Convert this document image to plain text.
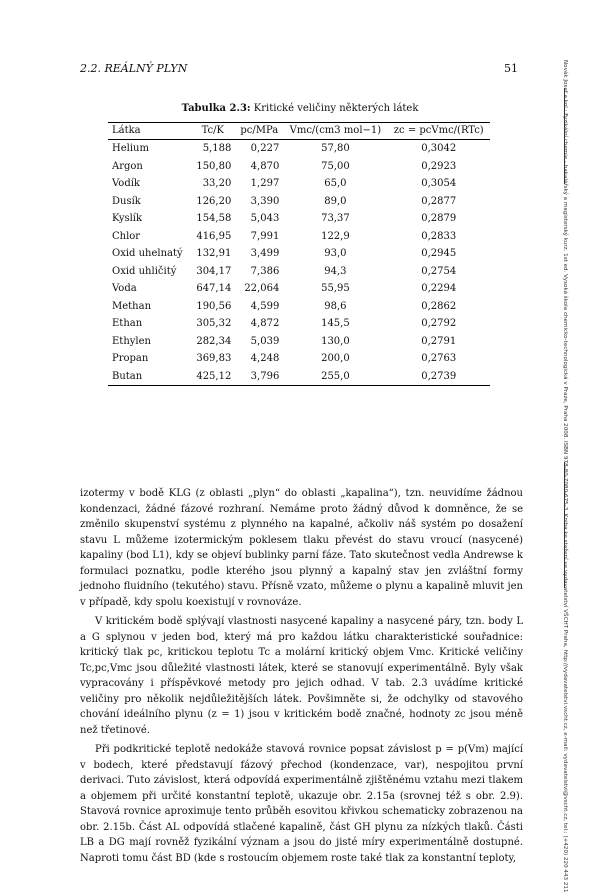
2.2. REÁLNÝ PLYN	51	Novák Josef a kol.: Fyzikální chemie - bakalářský a magisterský kurz. 1st ed. Vysoká škola chemicko-technologická v Praze, Praha 2008. ISBN 978-80-7080-675-3. Kniha ke stažení ve vydavatelství VŠCHT Praha, http://vydavatelstvi.vscht.cz, e-mail: vydavatelstvi@vscht.cz, tel.: (+420) 220 443 211
Tabulka 2.3: Kritické veličiny některých látek
Látka	Tc/K	pc/MPa	Vmc/(cm3 mol−1)	zc = pcVmc/(RTc)
Helium	5,188	0,227	57,80	0,3042
Argon	150,80	4,870	75,00	0,2923
Vodík	33,20	1,297	65,0	0,3054
Dusík	126,20	3,390	89,0	0,2877
Kyslík	154,58	5,043	73,37	0,2879
Chlor	416,95	7,991	122,9	0,2833
Oxid uhelnatý	132,91	3,499	93,0	0,2945
Oxid uhličitý	304,17	7,386	94,3	0,2754
Voda	647,14	22,064	55,95	0,2294
Methan	190,56	4,599	98,6	0,2862
Ethan	305,32	4,872	145,5	0,2792
Ethylen	282,34	5,039	130,0	0,2791
Propan	369,83	4,248	200,0	0,2763
Butan	425,12	3,796	255,0	0,2739

izotermy v bodě KLG (z oblasti „plyn“ do oblasti „kapalina“), tzn. neuvidíme žádnou kondenzaci, žádné fázové rozhraní. Nemáme proto žádný důvod k domněnce, že se změnilo skupenství systému z plynného na kapalné, ačkoliv náš systém po dosažení stavu L můžeme izotermickým poklesem tlaku převést do stavu vroucí (nasycené) kapaliny (bod L1), kdy se objeví bublinky parní fáze. Tato skutečnost vedla Andrewse k formulaci poznatku, podle kterého jsou plynný a kapalný stav jen zvláštní formy jednoho fluidního (tekutého) stavu. Přísně vzato, můžeme o plynu a kapalině mluvit jen v případě, kdy spolu koexistují v rovnováze.

V kritickém bodě splývají vlastnosti nasycené kapaliny a nasycené páry, tzn. body L a G splynou v jeden bod, který má pro každou látku charakteristické souřadnice: kritický tlak pc, kritickou teplotu Tc a molární kritický objem Vmc. Kritické veličiny Tc,pc,Vmc jsou důležité vlastnosti látek, které se stanovují experimentálně. Byly však vypracovány i příspěvkové metody pro jejich odhad. V tab. 2.3 uvádíme kritické veličiny pro několik nejdůležitějších látek. Povšimněte si, že odchylky od stavového chování ideálního plynu (z = 1) jsou v kritickém bodě značné, hodnoty zc jsou méně než třetinové.

Při podkritické teplotě nedokáže stavová rovnice popsat závislost p = p(Vm) mající v bodech, které představují fázový přechod (kondenzace, var), nespojitou první derivaci. Tuto závislost, která odpovídá experimentálně zjištěnému vztahu mezi tlakem a objemem při určité konstantní teplotě, ukazuje obr. 2.15a (srovnej též s obr. 2.9). Stavová rovnice aproximuje tento průběh esovitou křivkou schematicky zobrazenou na obr. 2.15b. Část AL odpovídá stlačené kapalině, část GH plynu za nízkých tlaků. Části LB a DG mají rovněž fyzikální význam a jsou do jisté míry experimentálně dostupné. Naproti tomu část BD (kde s rostoucím objemem roste také tlak za konstantní teploty,
